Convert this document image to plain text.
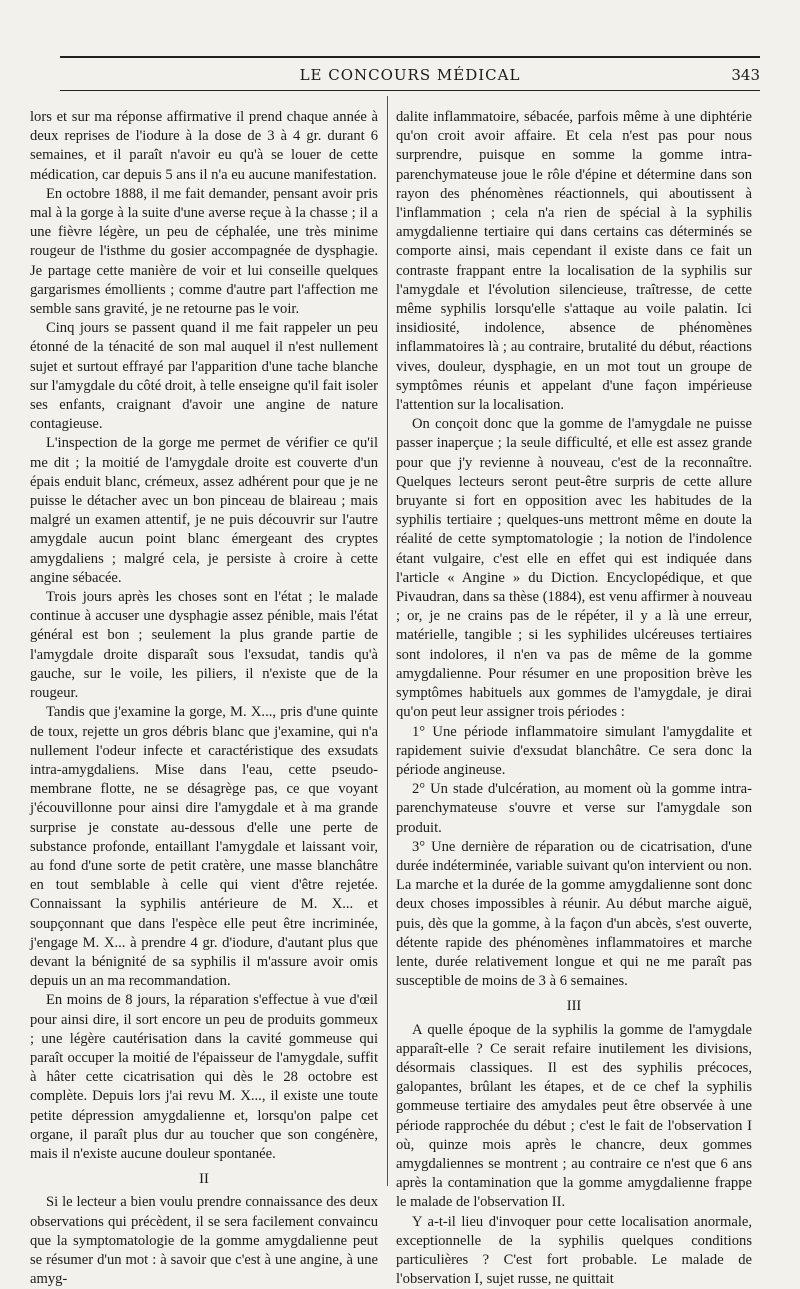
LE CONCOURS MÉDICAL	343

lors et sur ma réponse affirmative il prend chaque année à deux reprises de l'iodure à la dose de 3 à 4 gr. durant 6 semaines, et il paraît n'avoir eu qu'à se louer de cette médication, car depuis 5 ans il n'a eu aucune manifestation.

En octobre 1888, il me fait demander, pensant avoir pris mal à la gorge à la suite d'une averse reçue à la chasse ; il a une fièvre légère, un peu de céphalée, une très minime rougeur de l'isthme du gosier accompagnée de dysphagie. Je partage cette manière de voir et lui conseille quelques gargarismes émollients ; comme d'autre part l'affection me semble sans gravité, je ne retourne pas le voir.

Cinq jours se passent quand il me fait rappeler un peu étonné de la ténacité de son mal auquel il n'est nullement sujet et surtout effrayé par l'apparition d'une tache blanche sur l'amygdale du côté droit, à telle enseigne qu'il fait isoler ses enfants, craignant d'avoir une angine de nature contagieuse.

L'inspection de la gorge me permet de vérifier ce qu'il me dit ; la moitié de l'amygdale droite est couverte d'un épais enduit blanc, crémeux, assez adhérent pour que je ne puisse le détacher avec un bon pinceau de blaireau ; mais malgré un examen attentif, je ne puis découvrir sur l'autre amygdale aucun point blanc émergeant des cryptes amygdaliens ; malgré cela, je persiste à croire à cette angine sébacée.

Trois jours après les choses sont en l'état ; le malade continue à accuser une dysphagie assez pénible, mais l'état général est bon ; seulement la plus grande partie de l'amygdale droite disparaît sous l'exsudat, tandis qu'à gauche, sur le voile, les piliers, il n'existe que de la rougeur.

Tandis que j'examine la gorge, M. X..., pris d'une quinte de toux, rejette un gros débris blanc que j'examine, qui n'a nullement l'odeur infecte et caractéristique des exsudats intra-amygdaliens. Mise dans l'eau, cette pseudo-membrane flotte, ne se désagrège pas, ce que voyant j'écouvillonne pour ainsi dire l'amygdale et à ma grande surprise je constate au-dessous d'elle une perte de substance profonde, entaillant l'amygdale et laissant voir, au fond d'une sorte de petit cratère, une masse blanchâtre en tout semblable à celle qui vient d'être rejetée. Connaissant la syphilis antérieure de M. X... et soupçonnant que dans l'espèce elle peut être incriminée, j'engage M. X... à prendre 4 gr. d'iodure, d'autant plus que devant la bénignité de sa syphilis il m'assure avoir omis depuis un an ma recommandation.

En moins de 8 jours, la réparation s'effectue à vue d'œil pour ainsi dire, il sort encore un peu de produits gommeux ; une légère cautérisation dans la cavité gommeuse qui paraît occuper la moitié de l'épaisseur de l'amygdale, suffit à hâter cette cicatrisation qui dès le 28 octobre est complète. Depuis lors j'ai revu M. X..., il existe une toute petite dépression amygdalienne et, lorsqu'on palpe cet organe, il paraît plus dur au toucher que son congénère, mais il n'existe aucune douleur spontanée.

II

Si le lecteur a bien voulu prendre connaissance des deux observations qui précèdent, il se sera facilement convaincu que la symptomatologie de la gomme amygdalienne peut se résumer d'un mot : à savoir que c'est à une angine, à une amyg-

dalite inflammatoire, sébacée, parfois même à une diphtérie qu'on croit avoir affaire. Et cela n'est pas pour nous surprendre, puisque en somme la gomme intra-parenchymateuse joue le rôle d'épine et détermine dans son rayon des phénomènes réactionnels, qui aboutissent à l'inflammation ; cela n'a rien de spécial à la syphilis amygdalienne tertiaire qui dans certains cas déterminés se comporte ainsi, mais cependant il existe dans ce fait un contraste frappant entre la localisation de la syphilis sur l'amygdale et l'évolution silencieuse, traîtresse, de cette même syphilis lorsqu'elle s'attaque au voile palatin. Ici insidiosité, indolence, absence de phénomènes inflammatoires là ; au contraire, brutalité du début, réactions vives, douleur, dysphagie, en un mot tout un groupe de symptômes réunis et appelant d'une façon impérieuse l'attention sur la localisation.

On conçoit donc que la gomme de l'amygdale ne puisse passer inaperçue ; la seule difficulté, et elle est assez grande pour que j'y revienne à nouveau, c'est de la reconnaître. Quelques lecteurs seront peut-être surpris de cette allure bruyante si fort en opposition avec les habitudes de la syphilis tertiaire ; quelques-uns mettront même en doute la réalité de cette symptomatologie ; la notion de l'indolence étant vulgaire, c'est elle en effet qui est indiquée dans l'article « Angine » du Diction. Encyclopédique, et que Pivaudran, dans sa thèse (1884), est venu affirmer à nouveau ; or, je ne crains pas de le répéter, il y a là une erreur, matérielle, tangible ; si les syphilides ulcéreuses tertiaires sont indolores, il n'en va pas de même de la gomme amygdalienne. Pour résumer en une proposition brève les symptômes habituels aux gommes de l'amygdale, je dirai qu'on peut leur assigner trois périodes :

1° Une période inflammatoire simulant l'amygdalite et rapidement suivie d'exsudat blanchâtre. Ce sera donc la période angineuse.

2° Un stade d'ulcération, au moment où la gomme intra-parenchymateuse s'ouvre et verse sur l'amygdale son produit.

3° Une dernière de réparation ou de cicatrisation, d'une durée indéterminée, variable suivant qu'on intervient ou non. La marche et la durée de la gomme amygdalienne sont donc deux choses impossibles à réunir. Au début marche aiguë, puis, dès que la gomme, à la façon d'un abcès, s'est ouverte, détente rapide des phénomènes inflammatoires et marche lente, durée relativement longue et qui ne me paraît pas susceptible de moins de 3 à 6 semaines.

III

A quelle époque de la syphilis la gomme de l'amygdale apparaît-elle ? Ce serait refaire inutilement les divisions, désormais classiques. Il est des syphilis précoces, galopantes, brûlant les étapes, et de ce chef la syphilis gommeuse tertiaire des amydales peut être observée à une période rapprochée du début ; c'est le fait de l'observation I où, quinze mois après le chancre, deux gommes amygdaliennes se montrent ; au contraire ce n'est que 6 ans après la contamination que la gomme amygdalienne frappe le malade de l'observation II.

Y a-t-il lieu d'invoquer pour cette localisation anormale, exceptionnelle de la syphilis quelques conditions particulières ? C'est fort probable. Le malade de l'observation I, sujet russe, ne quittait
